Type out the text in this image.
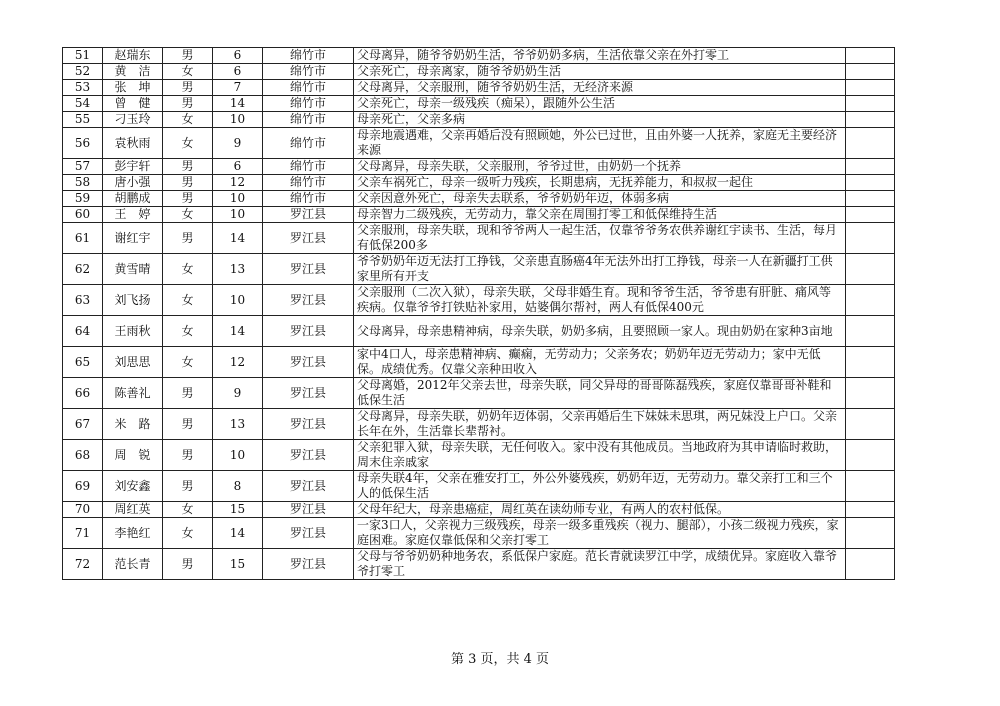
51	赵瑞东	男	6	绵竹市	父母离异，随爷爷奶奶生活，爷爷奶奶多病，生活依靠父亲在外打零工	
52	黄　洁	女	6	绵竹市	父亲死亡，母亲离家，随爷爷奶奶生活	
53	张　坤	男	7	绵竹市	父母离异，父亲服刑，随爷爷奶奶生活，无经济来源	
54	曾　健	男	14	绵竹市	父亲死亡，母亲一级残疾（痴呆），跟随外公生活	
55	刁玉玲	女	10	绵竹市	母亲死亡，父亲多病	
56	袁秋雨	女	9	绵竹市	母亲地震遇难，父亲再婚后没有照顾她，外公已过世，且由外婆一人抚养，家庭无主要经济来源	
57	彭宇轩	男	6	绵竹市	父母离异，母亲失联，父亲服刑，爷爷过世，由奶奶一个抚养	
58	唐小强	男	12	绵竹市	父亲车祸死亡，母亲一级听力残疾，长期患病，无抚养能力，和叔叔一起住	
59	胡鹏成	男	10	绵竹市	父亲因意外死亡，母亲失去联系，爷爷奶奶年迈，体弱多病	
60	王　婷	女	10	罗江县	母亲智力二级残疾，无劳动力，靠父亲在周围打零工和低保维持生活	
61	谢红宇	男	14	罗江县	父亲服刑，母亲失联，现和爷爷两人一起生活，仅靠爷爷务农供养谢红宇读书、生活，每月有低保200多	
62	黄雪晴	女	13	罗江县	爷爷奶奶年迈无法打工挣钱，父亲患直肠癌4年无法外出打工挣钱，母亲一人在新疆打工供家里所有开支	
63	刘飞扬	女	10	罗江县	父亲服刑（二次入狱），母亲失联，父母非婚生育。现和爷爷生活，爷爷患有肝脏、痛风等疾病。仅靠爷爷打铁贴补家用，姑婆偶尔帮衬，两人有低保400元	
64	王雨秋	女	14	罗江县	父母离异，母亲患精神病，母亲失联，奶奶多病，且要照顾一家人。现由奶奶在家种3亩地	
65	刘思思	女	12	罗江县	家中4口人，母亲患精神病、癫痫，无劳动力；父亲务农；奶奶年迈无劳动力；家中无低保。成绩优秀。仅靠父亲种田收入	
66	陈善礼	男	9	罗江县	父母离婚，2012年父亲去世，母亲失联，同父异母的哥哥陈磊残疾，家庭仅靠哥哥补鞋和低保生活	
67	米　路	男	13	罗江县	父母离异，母亲失联，奶奶年迈体弱，父亲再婚后生下妹妹未思琪，两兄妹没上户口。父亲长年在外，生活靠长辈帮衬。	
68	周　锐	男	10	罗江县	父亲犯罪入狱，母亲失联，无任何收入。家中没有其他成员。当地政府为其申请临时救助，周末住亲戚家	
69	刘安鑫	男	8	罗江县	母亲失联4年，父亲在雅安打工，外公外婆残疾，奶奶年迈，无劳动力。靠父亲打工和三个人的低保生活	
70	周红英	女	15	罗江县	父母年纪大，母亲患癌症，周红英在读幼师专业，有两人的农村低保。	
71	李艳红	女	14	罗江县	一家3口人，父亲视力三级残疾，母亲一级多重残疾（视力、腿部），小孩二级视力残疾，家庭困难。家庭仅靠低保和父亲打零工	
72	范长青	男	15	罗江县	父母与爷爷奶奶种地务农，系低保户家庭。范长青就读罗江中学，成绩优异。家庭收入靠爷爷打零工	
第 3 页，共 4 页
